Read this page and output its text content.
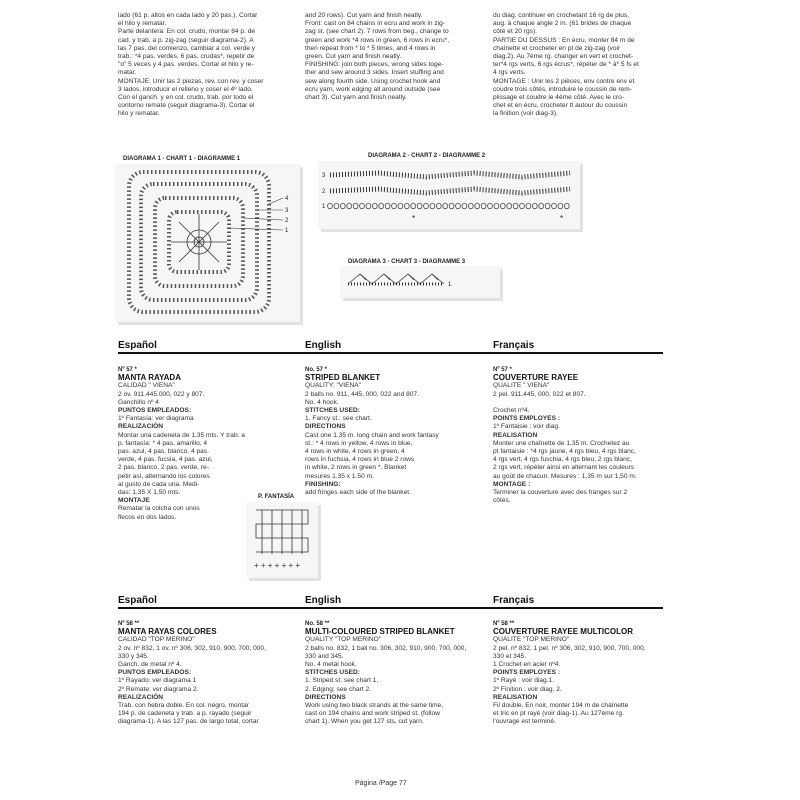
lado (61 p. altos en cada lado y 20 pas.). Cortar

el hilo y rematar.

Parte delantera: En col. crudo, montar 84 p. de

cad. y trab. a p. zig-zag (seguir diagrama-2). A

las 7 pas. del comienzo, cambiar a col. verde y

trab.: *4 pas. verdes, 6 pas. crudas*, repetir de

"o" 5 veces y 4 pas. verdes. Cortar el hilo y re-

matar.

MONTAJE: Unir las 2 piezas, rev. con rev. y coser

3 lados, introducir el relleno y coser el 4º lado.

Con el ganch. y en col. crudo, trab. por todo el

contorno remate (seguir diagrama-3). Cortar el

hilo y rematar.

and 20 rows). Cut yarn and finish neatly.

Front: cast on 84 chains in ecru and work in zig-

zag st. (see chart 2). 7 rows from beg., change to

green and work *4 rows in green, 6 rows in ecru*,

then repeat from * to * 5 times, and 4 rows in

green. Cut yarn and finish neatly.

FINISHING: join both pieces, wrong sides toge-

ther and sew around 3 sides. Insert stuffing and

sew along fourth side. Using crochet hook and

ecru yarn, work edging all around outside (see

chart 3). Cut yarn and finish neatly.

du diag. continuer en crochetant 16 rg de plus,

aug. à chaque angle 2 m. (61 brides de chaque

côté et 20 rgs).

PARTIE DU DESSUS : En écru, monter 84 m de

chaînette et crocheter en pt de zig-zag (voir

diag.2). Au 7ème rg. changer en vert et crochet-

ter*4 rgs verts, 6 rgs écrus*, répéter de * à* 5 fs et

4 rgs verts.

MONTAGE : Unir les 2 pièces, env contre env et

coudre trois côtés, introduire le coussin de rem-

plissage et coudre le 4ème côté. Avec le cro-

chet et en écru, crocheter tt autour du coussin

la finition (voir diag-3).

DIAGRAMA 1 - CHART 1 - DIAGRAMME 1
4
3
2
1
DIAGRAMA 2 - CHART 2 - DIAGRAMME 2
3
2
1
*	*
DIAGRAMA 3 - CHART 3 - DIAGRAMME 3
1
Español	English	Français

Nº 57 *

MANTA RAYADA

CALIDAD " VIENA"

2 ov. 911.445.000, 022 y 807.

Ganchillo nº 4

PUNTOS EMPLEADOS:

1º Fantasía: ver diagrama

REALIZACIÓN

Montar una cadeneta de 1,35 mts. Y trab. a

p. fantasía: * 4 pas. amarillo, 4

pas. azul, 4 pas. blanco, 4 pas.

verde, 4 pas. fucsia, 4 pas. azul,

2 pas. blanco, 2 pas. verde, re-

petir así, alternando los colores

al gusto de cada una. Medi-

das: 1,35 X 1,50 mts.

MONTAJE

Rematar la colcha con unos

flecos en dos lados.

No. 57 *

STRIPED BLANKET

QUALITY: "VIENA"

2 balls no. 911, 445, 000, 022 and 807.

No. 4 hook.

STITCHES USED:

1. Fancy st.: see chart.

DIRECTIONS

Cast one 1.35 m. long chain and work fantasy

st.: * 4 rows in yellow, 4 rows in blue,

4 rows in white, 4 rows in green, 4

rows in fuchsia, 4 rows in blue 2 rows

in white, 2 rows in green *. Blanket

mesures 1.35 x 1.50 m.

FINISHING:

add fringes each side of the blanket.

Nº 57 *

COUVERTURE RAYEE

QUALITE " VIENA"

2 pel. 911.445, 000, 022 et 807.

Crochet nº4.

POINTS EMPLOYES :

1º Fantaisie : voir diag.

REALISATION

Monter une chaînette de 1,35 m. Crochetez au

pt fantaisie : *4 rgs jaune, 4 rgs bleu, 4 rgs blanc,

4 rgs vert, 4 rgs fuschia, 4 rgs bleu, 2 rgs blanc,

2 rgs vert, répéter ainsi en alternant les couleurs

au goût de chacun. Mesures : 1,35 m sur 1,50 m.

MONTAGE :

Terminer la couverture avec des franges sur 2

côtés.

P. FANTASÍA
+ + + + + + +
Español	English	Français

Nº 58 **

MANTA RAYAS COLORES

CALIDAD "TOP MERINO"

2 ov. nº 832, 1 ov. nº 306, 302, 910, 900, 700, 000,

330 y 345.

Ganch. de metal nº 4.

PUNTOS EMPLEADOS:

1º Rayado: ver diagrama 1

2º Remate: ver diagrama 2.

REALIZACIÓN

Trab. con hebra doble. En col. negro, montar

194 p. de cadeneta y trab. a p. rayado (seguir

diagrama-1). A las 127 pas. de largo total, cortar

No. 58 **

MULTI-COLOURED STRIPED BLANKET

QUALITY "TOP MERINO"

2 balls no. 832, 1 ball no. 306, 302, 910, 900, 700, 000,

330 and 345.

No. 4 metal hook.

STITCHES USED:

1. Striped st: see chart 1.

2. Edging: see chart 2.

DIRECTIONS

Work using two black strands at the same time,

cast on 194 chains and work striped st. (follow

chart 1). When you get 127 sts, cut yarn,

Nº 58 **

COUVERTURE RAYEE MULTICOLOR

QUALITE "TOP MERINO"

2 pel. nº 832, 1 pel. nº 306, 302, 910, 900, 700, 000,

330 et 345.

1 Crochet en acier nº4.

POINTS EMPLOYES :

1º Rayé : voir diag.1.

2º Finition : voir diag. 2.

REALISATION

Fil double. En noir, monter 194 m de chaînette

et tric en pt rayé (voir diag-1). Au 127ème rg.

l'ouvrage est terminé.

Página /Page 77
